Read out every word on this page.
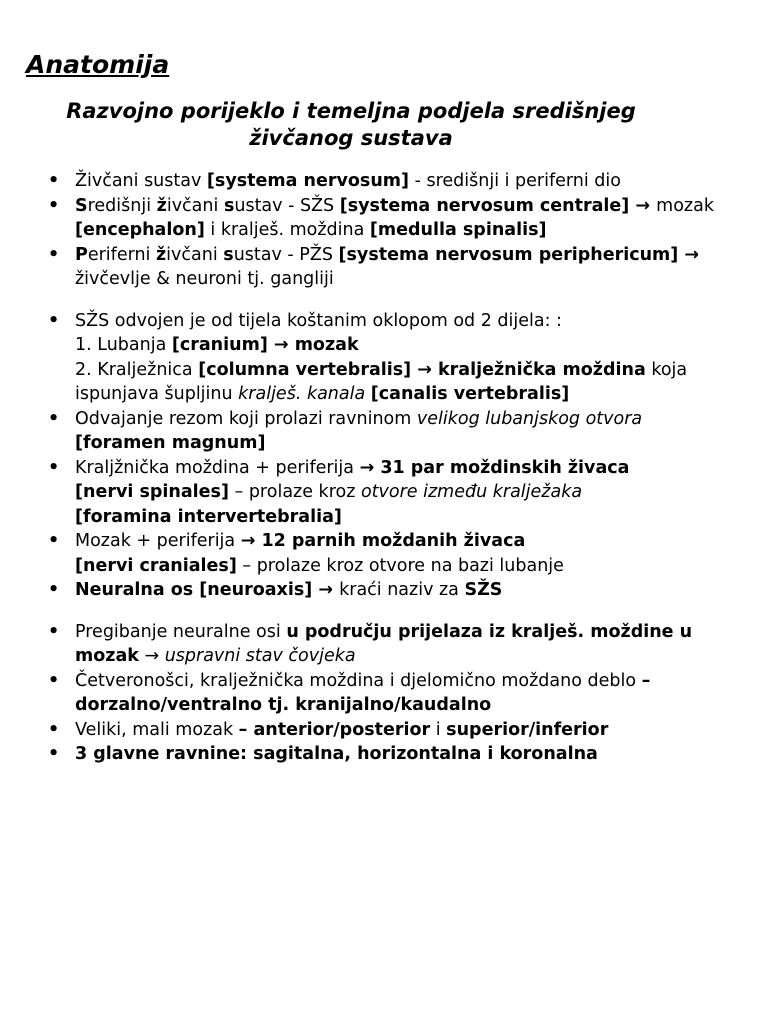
Anatomija
Razvojno porijeklo i temeljna podjela središnjeg
živčanog sustava
• Živčani sustav [systema nervosum] - središnji i periferni dio
• Središnji živčani sustav - SŽS [systema nervosum centrale] → mozak [encephalon] i kralješ. moždina [medulla spinalis]
• Periferni živčani sustav - PŽS [systema nervosum periphericum] → živčevlje & neuroni tj. gangliji
• SŽS odvojen je od tijela koštanim oklopom od 2 dijela: :
1. Lubanja [cranium] → mozak
2. Kralježnica [columna vertebralis] → kralježnička moždina koja ispunjava šupljinu kralješ. kanala [canalis vertebralis]
• Odvajanje rezom koji prolazi ravninom velikog lubanjskog otvora
[foramen magnum]
• Kraljžnička moždina + periferija → 31 par moždinskih živaca
[nervi spinales] – prolaze kroz otvore između kralježaka
[foramina intervertebralia]
• Mozak + periferija → 12 parnih moždanih živaca
[nervi craniales] – prolaze kroz otvore na bazi lubanje
• Neuralna os [neuroaxis] → kraći naziv za SŽS
• Pregibanje neuralne osi u području prijelaza iz kralješ. moždine u mozak → uspravni stav čovjeka
• Četveronošci, kralježnička moždina i djelomično moždano deblo – dorzalno/ventralno tj. kranijalno/kaudalno
• Veliki, mali mozak – anterior/posterior i superior/inferior
• 3 glavne ravnine: sagitalna, horizontalna i koronalna
